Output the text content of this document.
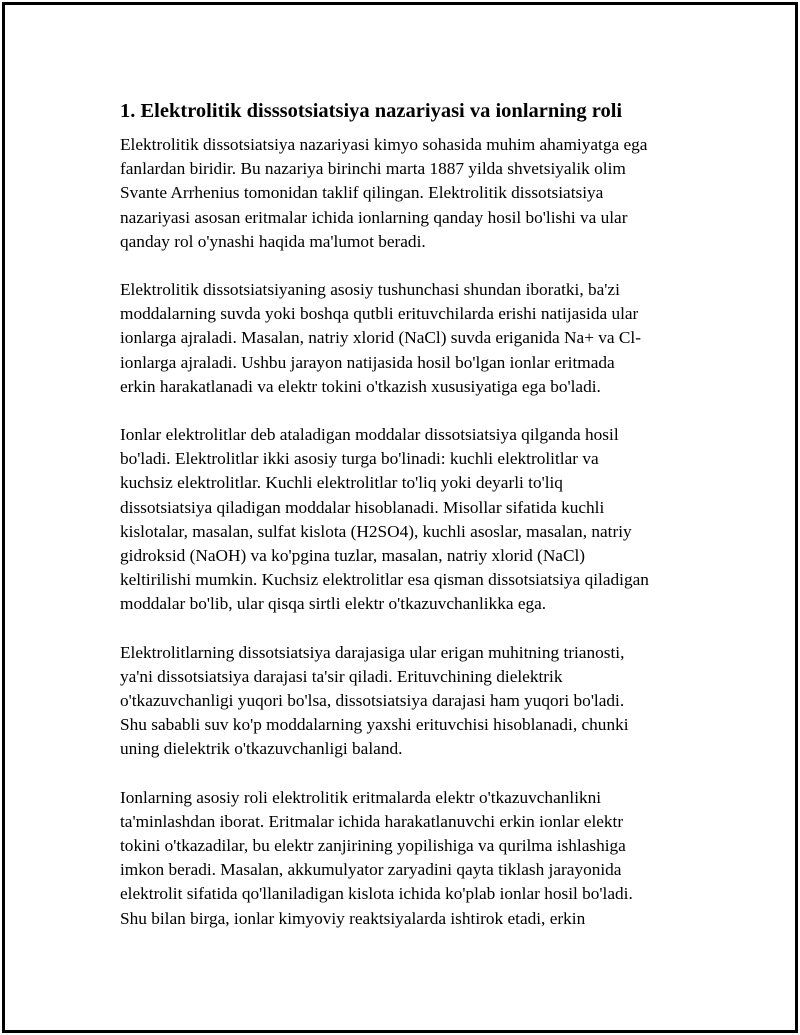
1. Elektrolitik disssotsiatsiya nazariyasi va ionlarning roli

Elektrolitik dissotsiatsiya nazariyasi kimyo sohasida muhim ahamiyatga ega
fanlardan biridir. Bu nazariya birinchi marta 1887 yilda shvetsiyalik olim
Svante Arrhenius tomonidan taklif qilingan. Elektrolitik dissotsiatsiya
nazariyasi asosan eritmalar ichida ionlarning qanday hosil bo'lishi va ular
qanday rol o'ynashi haqida ma'lumot beradi.

Elektrolitik dissotsiatsiyaning asosiy tushunchasi shundan iboratki, ba'zi
moddalarning suvda yoki boshqa qutbli erituvchilarda erishi natijasida ular
ionlarga ajraladi. Masalan, natriy xlorid (NaCl) suvda eriganida Na+ va Cl-
ionlarga ajraladi. Ushbu jarayon natijasida hosil bo'lgan ionlar eritmada
erkin harakatlanadi va elektr tokini o'tkazish xususiyatiga ega bo'ladi.

Ionlar elektrolitlar deb ataladigan moddalar dissotsiatsiya qilganda hosil
bo'ladi. Elektrolitlar ikki asosiy turga bo'linadi: kuchli elektrolitlar va
kuchsiz elektrolitlar. Kuchli elektrolitlar to'liq yoki deyarli to'liq
dissotsiatsiya qiladigan moddalar hisoblanadi. Misollar sifatida kuchli
kislotalar, masalan, sulfat kislota (H2SO4), kuchli asoslar, masalan, natriy
gidroksid (NaOH) va ko'pgina tuzlar, masalan, natriy xlorid (NaCl)
keltirilishi mumkin. Kuchsiz elektrolitlar esa qisman dissotsiatsiya qiladigan
moddalar bo'lib, ular qisqa sirtli elektr o'tkazuvchanlikka ega.

Elektrolitlarning dissotsiatsiya darajasiga ular erigan muhitning trianosti,
ya'ni dissotsiatsiya darajasi ta'sir qiladi. Erituvchining dielektrik
o'tkazuvchanligi yuqori bo'lsa, dissotsiatsiya darajasi ham yuqori bo'ladi.
Shu sababli suv ko'p moddalarning yaxshi erituvchisi hisoblanadi, chunki
uning dielektrik o'tkazuvchanligi baland.

Ionlarning asosiy roli elektrolitik eritmalarda elektr o'tkazuvchanlikni
ta'minlashdan iborat. Eritmalar ichida harakatlanuvchi erkin ionlar elektr
tokini o'tkazadilar, bu elektr zanjirining yopilishiga va qurilma ishlashiga
imkon beradi. Masalan, akkumulyator zaryadini qayta tiklash jarayonida
elektrolit sifatida qo'llaniladigan kislota ichida ko'plab ionlar hosil bo'ladi.
Shu bilan birga, ionlar kimyoviy reaktsiyalarda ishtirok etadi, erkin
